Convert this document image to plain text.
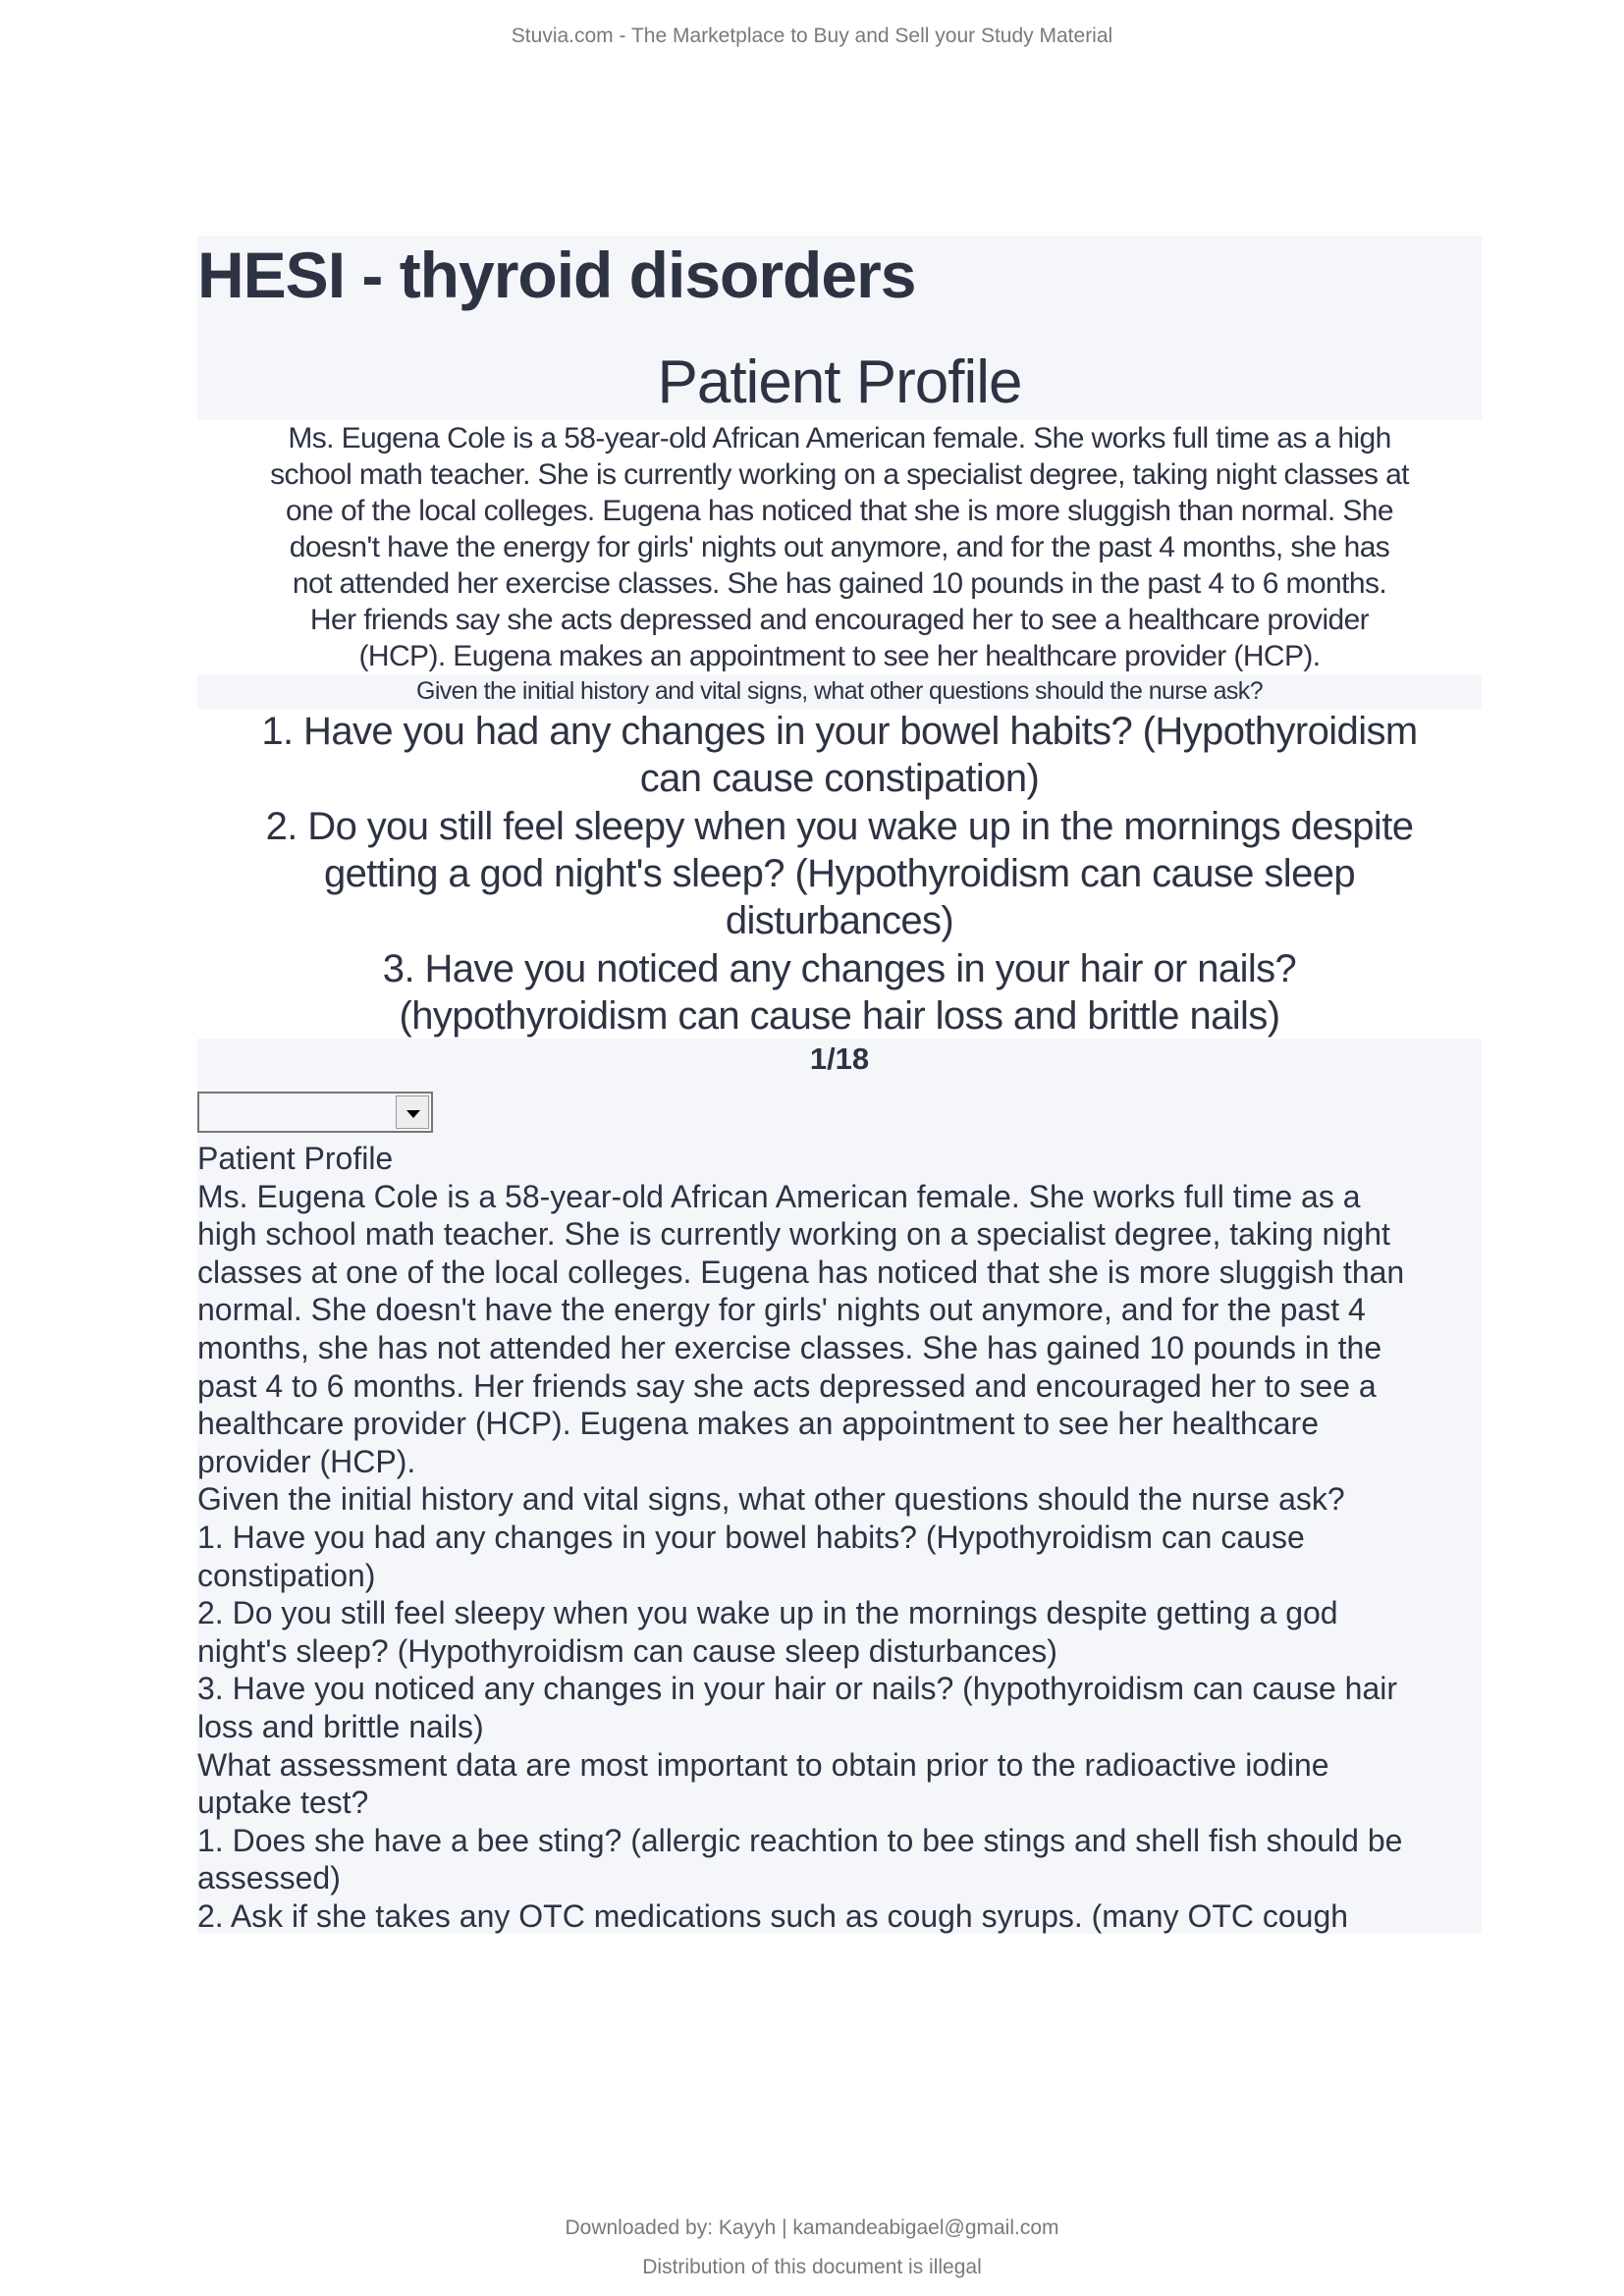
Stuvia.com - The Marketplace to Buy and Sell your Study Material
HESI - thyroid disorders
Patient Profile
Ms. Eugena Cole is a 58-year-old African American female. She works full time as a high
school math teacher. She is currently working on a specialist degree, taking night classes at
one of the local colleges. Eugena has noticed that she is more sluggish than normal. She
doesn't have the energy for girls' nights out anymore, and for the past 4 months, she has
not attended her exercise classes. She has gained 10 pounds in the past 4 to 6 months.
Her friends say she acts depressed and encouraged her to see a healthcare provider
(HCP). Eugena makes an appointment to see her healthcare provider (HCP).
Given the initial history and vital signs, what other questions should the nurse ask?
1. Have you had any changes in your bowel habits? (Hypothyroidism
can cause constipation)
2. Do you still feel sleepy when you wake up in the mornings despite
getting a god night's sleep? (Hypothyroidism can cause sleep
disturbances)
3. Have you noticed any changes in your hair or nails?
(hypothyroidism can cause hair loss and brittle nails)
1/18
Patient Profile
Ms. Eugena Cole is a 58-year-old African American female. She works full time as a
high school math teacher. She is currently working on a specialist degree, taking night
classes at one of the local colleges. Eugena has noticed that she is more sluggish than
normal. She doesn't have the energy for girls' nights out anymore, and for the past 4
months, she has not attended her exercise classes. She has gained 10 pounds in the
past 4 to 6 months. Her friends say she acts depressed and encouraged her to see a
healthcare provider (HCP). Eugena makes an appointment to see her healthcare
provider (HCP).
Given the initial history and vital signs, what other questions should the nurse ask?
1. Have you had any changes in your bowel habits? (Hypothyroidism can cause
constipation)
2. Do you still feel sleepy when you wake up in the mornings despite getting a god
night's sleep? (Hypothyroidism can cause sleep disturbances)
3. Have you noticed any changes in your hair or nails? (hypothyroidism can cause hair
loss and brittle nails)
What assessment data are most important to obtain prior to the radioactive iodine
uptake test?
1. Does she have a bee sting? (allergic reachtion to bee stings and shell fish should be
assessed)
2. Ask if she takes any OTC medications such as cough syrups. (many OTC cough
Downloaded by: Kayyh | kamandeabigael@gmail.com
Distribution of this document is illegal
